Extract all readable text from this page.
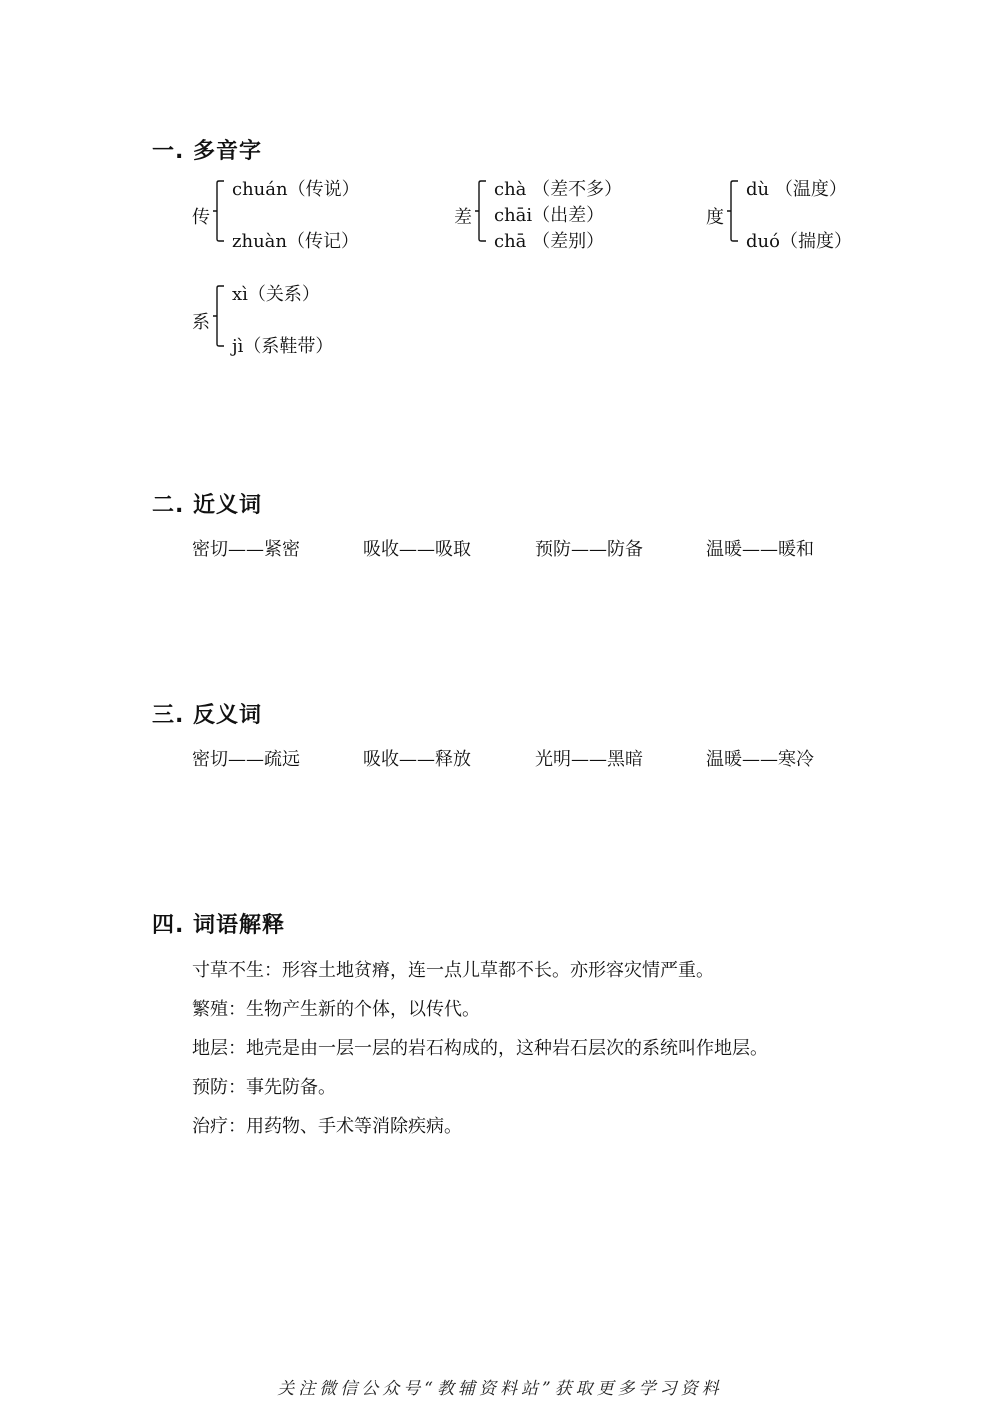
一. 多音字
传
chuán（传说）
zhuàn（传记）
差
chà （差不多）
chāi（出差）
chā （差别）
度
dù （温度）
duó（揣度）
系
xì（关系）
jì（系鞋带）
二. 近义词
密切——紧密	吸收——吸取	预防——防备	温暖——暖和
三. 反义词
密切——疏远	吸收——释放	光明——黑暗	温暖——寒冷
四. 词语解释
寸草不生：形容土地贫瘠，连一点儿草都不长。亦形容灾情严重。
繁殖：生物产生新的个体，以传代。
地层：地壳是由一层一层的岩石构成的，这种岩石层次的系统叫作地层。
预防：事先防备。
治疗：用药物、手术等消除疾病。
关注微信公众号“教辅资料站”获取更多学习资料
